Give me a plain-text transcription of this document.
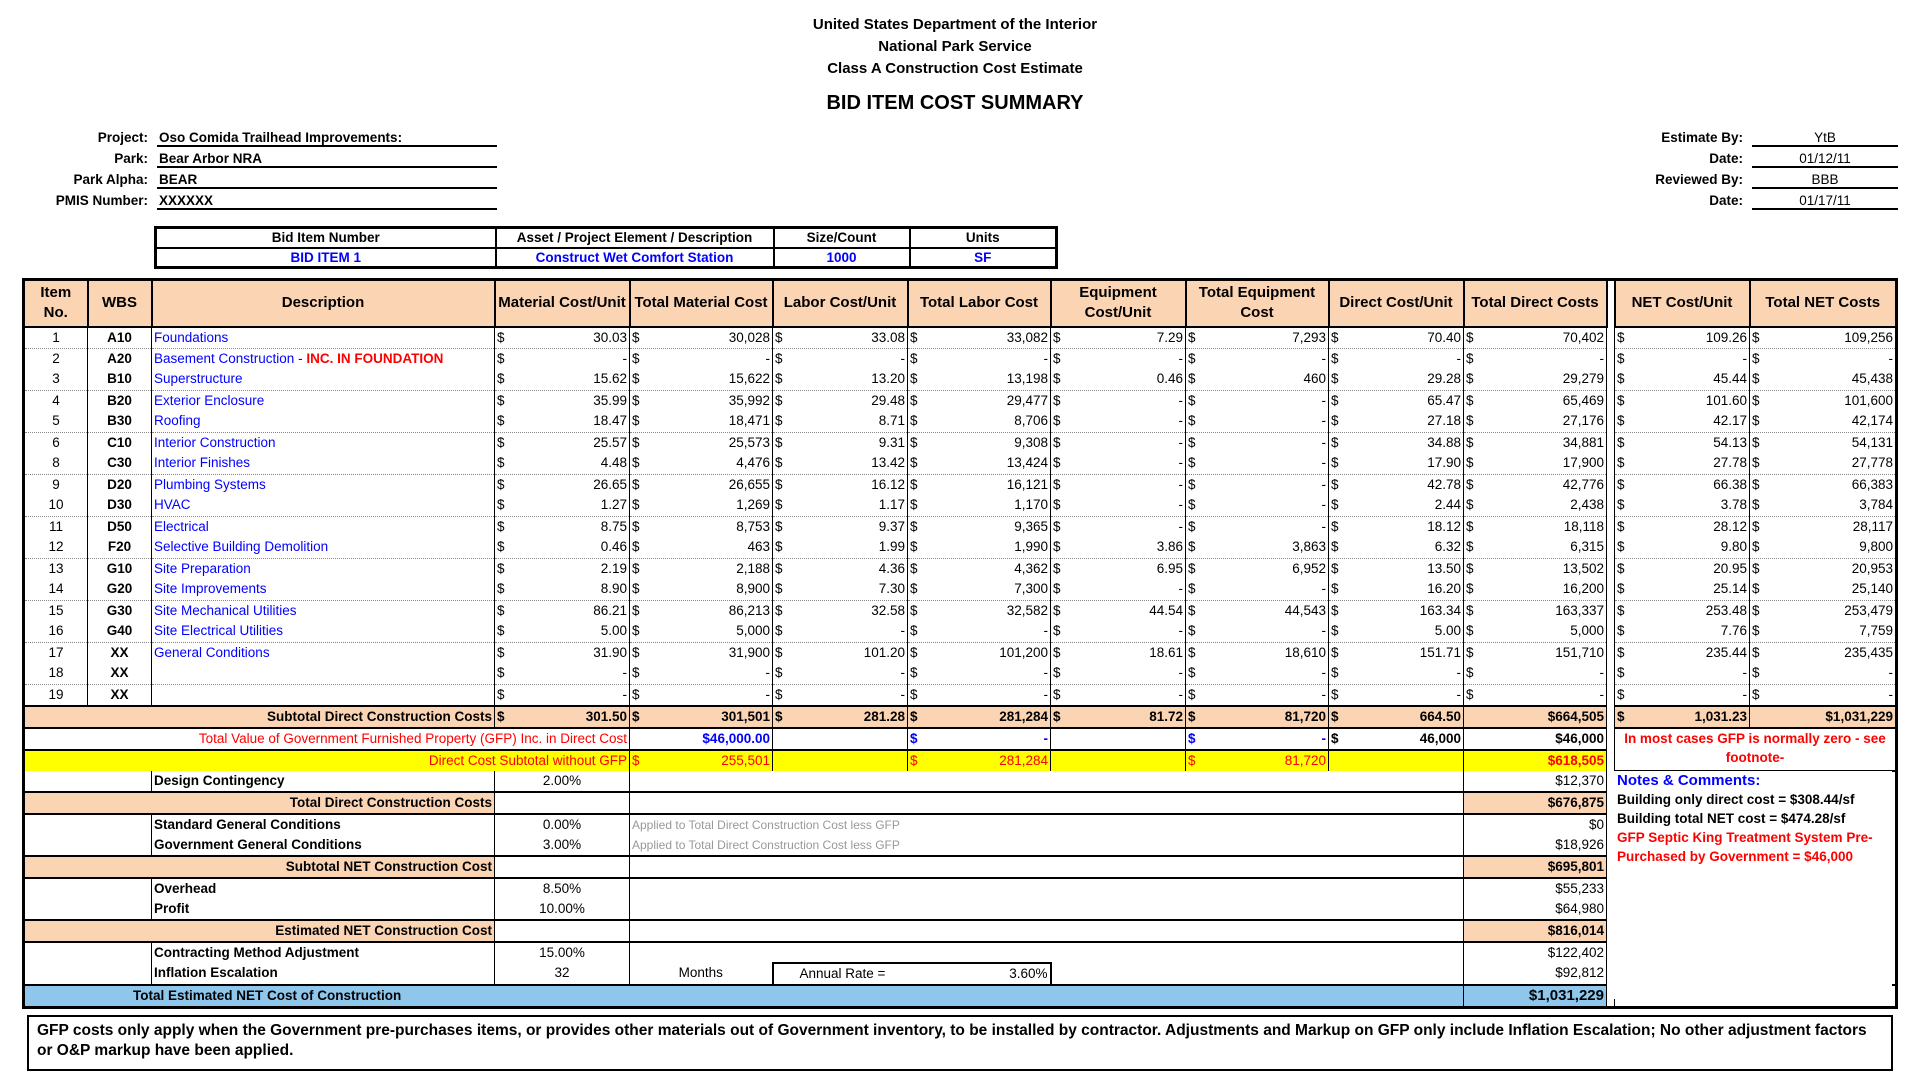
United States Department of the Interior
National Park Service
Class A Construction Cost Estimate
BID ITEM COST SUMMARY
Project: Oso Comida Trailhead Improvements:
Park: Bear Arbor NRA
Park Alpha: BEAR
PMIS Number: XXXXXX
Estimate By:	YtB
Date:	01/12/11
Reviewed By:	BBB
Date:	01/17/11
Bid Item Number	Asset / Project Element / Description	Size/Count	Units
BID ITEM 1	Construct Wet Comfort Station	1000	SF
Item No.	WBS	Description	Material Cost/Unit	Total Material Cost	Labor Cost/Unit	Total Labor Cost	Equipment Cost/Unit	Total Equipment Cost	Direct Cost/Unit	Total Direct Costs		NET Cost/Unit	Total NET Costs
1	A10	Foundations	$ 30.03	$ 30,028	$ 33.08	$ 33,082	$ 7.29	$ 7,293	$ 70.40	$ 70,402		$ 109.26	$ 109,256

2	A20	Basement Construction - INC. IN FOUNDATION	$ -	$ -	$ -	$ -	$ -	$ -	$ -	$ -		$ -	$ -

3	B10	Superstructure	$ 15.62	$ 15,622	$ 13.20	$ 13,198	$ 0.46	$ 460	$ 29.28	$ 29,279		$ 45.44	$ 45,438

4	B20	Exterior Enclosure	$ 35.99	$ 35,992	$ 29.48	$ 29,477	$ -	$ -	$ 65.47	$ 65,469		$ 101.60	$ 101,600

5	B30	Roofing	$ 18.47	$ 18,471	$ 8.71	$ 8,706	$ -	$ -	$ 27.18	$ 27,176		$ 42.17	$ 42,174

6	C10	Interior Construction	$ 25.57	$ 25,573	$ 9.31	$ 9,308	$ -	$ -	$ 34.88	$ 34,881		$ 54.13	$ 54,131

8	C30	Interior Finishes	$ 4.48	$ 4,476	$ 13.42	$ 13,424	$ -	$ -	$ 17.90	$ 17,900		$ 27.78	$ 27,778

9	D20	Plumbing Systems	$ 26.65	$ 26,655	$ 16.12	$ 16,121	$ -	$ -	$ 42.78	$ 42,776		$ 66.38	$ 66,383

10	D30	HVAC	$ 1.27	$ 1,269	$ 1.17	$ 1,170	$ -	$ -	$ 2.44	$ 2,438		$ 3.78	$ 3,784

11	D50	Electrical	$ 8.75	$ 8,753	$ 9.37	$ 9,365	$ -	$ -	$ 18.12	$ 18,118		$ 28.12	$ 28,117

12	F20	Selective Building Demolition	$ 0.46	$ 463	$ 1.99	$ 1,990	$ 3.86	$ 3,863	$ 6.32	$ 6,315		$ 9.80	$ 9,800

13	G10	Site Preparation	$ 2.19	$ 2,188	$ 4.36	$ 4,362	$ 6.95	$ 6,952	$ 13.50	$ 13,502		$ 20.95	$ 20,953

14	G20	Site Improvements	$ 8.90	$ 8,900	$ 7.30	$ 7,300	$ -	$ -	$ 16.20	$ 16,200		$ 25.14	$ 25,140

15	G30	Site Mechanical Utilities	$ 86.21	$ 86,213	$ 32.58	$ 32,582	$ 44.54	$ 44,543	$ 163.34	$ 163,337		$ 253.48	$ 253,479

16	G40	Site Electrical Utilities	$ 5.00	$ 5,000	$ -	$ -	$ -	$ -	$ 5.00	$ 5,000		$ 7.76	$ 7,759

17	XX	General Conditions	$ 31.90	$ 31,900	$ 101.20	$ 101,200	$ 18.61	$ 18,610	$ 151.71	$ 151,710		$ 235.44	$ 235,435

18	XX		$ -	$ -	$ -	$ -	$ -	$ -	$ -	$ -		$ -	$ -

19	XX		$ -	$ -	$ -	$ -	$ -	$ -	$ -	$ -		$ -	$ -

Subtotal Direct Construction Costs			$ 301.50	$ 301,501	$ 281.28	$ 281,284	$ 81.72	$ 81,720	$ 664.50	$664,505		$ 1,031.23	$1,031,229
Total Value of Government Furnished Property (GFP) Inc. in Direct Cost				$46,000.00		$ -		$ -	$ 46,000	$46,000		In most cases GFP is normally zero - see footnote-	
Direct Cost Subtotal without GFP				$ 255,501		$ 281,284		$ 81,720		$618,505			
		Design Contingency	2.00%							$12,370			
Total Direct Construction Costs										$676,875			
		Standard General Conditions	0.00%	Applied to Total Direct Construction Cost less GFP						$0			
		Government General Conditions	3.00%	Applied to Total Direct Construction Cost less GFP						$18,926			
Subtotal NET Construction Cost										$695,801			
		Overhead	8.50%							$55,233			
		Profit	10.00%							$64,980			
Estimated NET Construction Cost										$816,014			
		Contracting Method Adjustment	15.00%							$122,402			
		Inflation Escalation	32	Months	Annual Rate = 3.60%					$92,812			
Total Estimated NET Cost of Construction										$1,031,229			
Notes & Comments:
Building only direct cost = $308.44/sf
Building total NET cost = $474.28/sf
GFP Septic King Treatment System Pre-Purchased by Government = $46,000
GFP costs only apply when the Government pre-purchases items, or provides other materials out of Government inventory, to be installed by contractor. Adjustments and Markup on GFP only include Inflation Escalation; No other adjustment factors or O&P markup have been applied.
